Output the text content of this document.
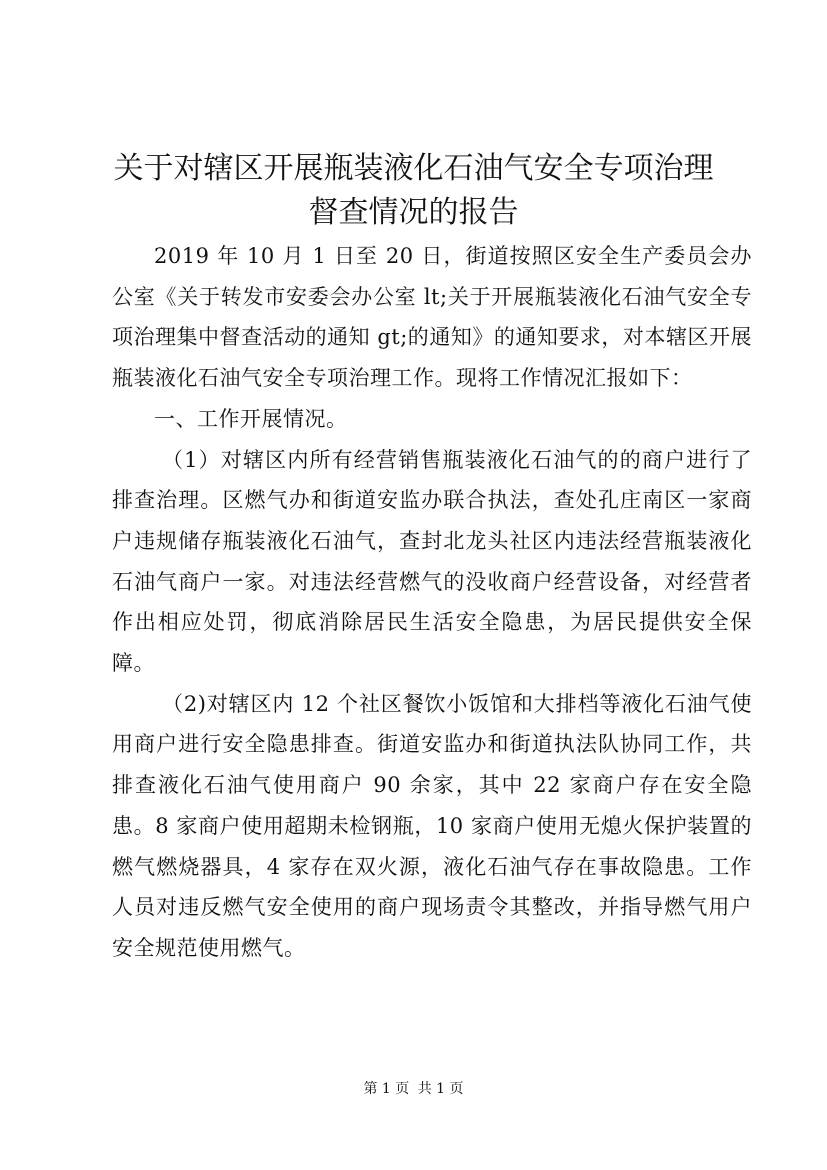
关于对辖区开展瓶装液化石油气安全专项治理
督查情况的报告

2019 年 10 月 1 日至 20 日，街道按照区安全生产委员会办公室《关于转发市安委会办公室 lt;关于开展瓶装液化石油气安全专项治理集中督查活动的通知 gt;的通知》的通知要求，对本辖区开展瓶装液化石油气安全专项治理工作。现将工作情况汇报如下：

一、工作开展情况。

（1）对辖区内所有经营销售瓶装液化石油气的的商户进行了排查治理。区燃气办和街道安监办联合执法，查处孔庄南区一家商户违规储存瓶装液化石油气，查封北龙头社区内违法经营瓶装液化石油气商户一家。对违法经营燃气的没收商户经营设备，对经营者作出相应处罚，彻底消除居民生活安全隐患，为居民提供安全保障。

（2)对辖区内 12 个社区餐饮小饭馆和大排档等液化石油气使用商户进行安全隐患排查。街道安监办和街道执法队协同工作，共排查液化石油气使用商户 90 余家，其中 22 家商户存在安全隐患。8 家商户使用超期未检钢瓶，10 家商户使用无熄火保护装置的燃气燃烧器具，4 家存在双火源，液化石油气存在事故隐患。工作人员对违反燃气安全使用的商户现场责令其整改，并指导燃气用户安全规范使用燃气。

第 1 页 共 1 页
